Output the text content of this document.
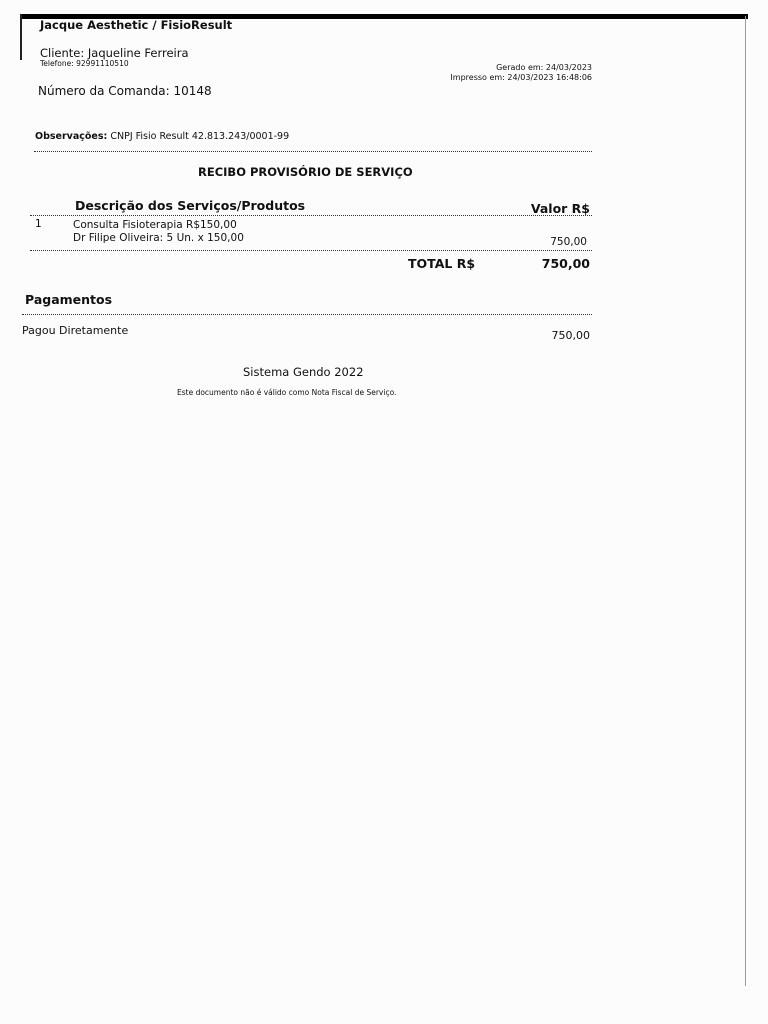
Jacque Aesthetic / FisioResult
Cliente: Jaqueline Ferreira
Telefone: 92991110510	Gerado em: 24/03/2023
Impresso em: 24/03/2023 16:48:06
Número da Comanda: 10148
Observações: CNPJ Fisio Result 42.813.243/0001-99
RECIBO PROVISÓRIO DE SERVIÇO
Descrição dos Serviços/Produtos	Valor R$
1	Consulta Fisioterapia R$150,00
Dr Filipe Oliveira: 5 Un. x 150,00	750,00
TOTAL R$	750,00
Pagamentos
Pagou Diretamente	750,00
Sistema Gendo 2022
Este documento não é válido como Nota Fiscal de Serviço.
